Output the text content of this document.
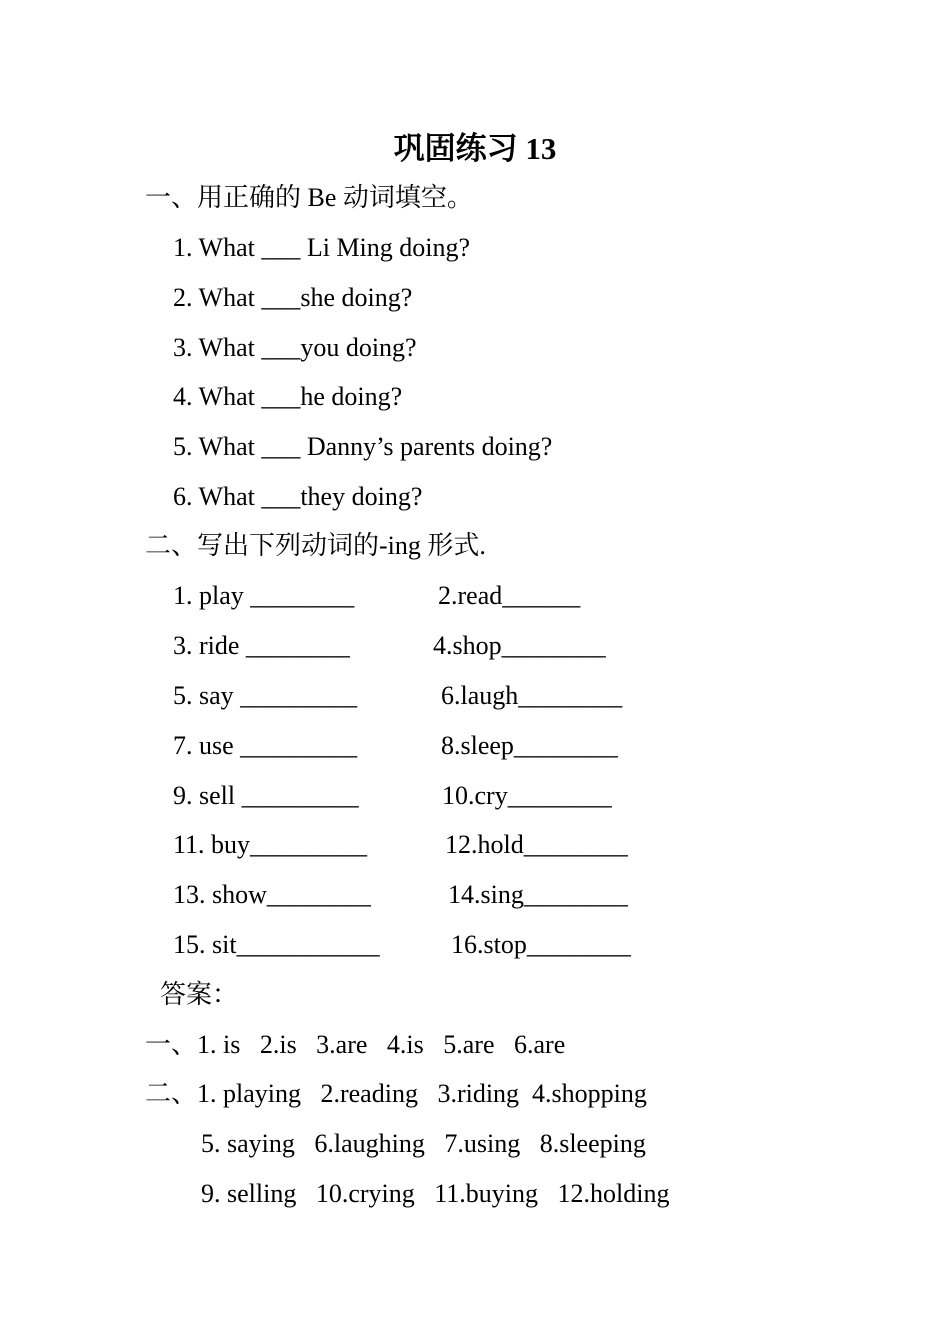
巩固练习 13
一、用正确的 Be 动词填空。
1. What ___ Li Ming doing?
2. What ___she doing?
3. What ___you doing?
4. What ___he doing?
5. What ___ Danny’s parents doing?
6. What ___they doing?
二、写出下列动词的-ing 形式.
1. play ________	2.read______
3. ride ________	4.shop________
5. say _________	6.laugh________
7. use _________	8.sleep________
9. sell _________	10.cry________
11. buy_________	12.hold________
13. show________	14.sing________
15. sit___________	16.stop________
答案：
一、1. is   2.is   3.are   4.is   5.are   6.are
二、1. playing   2.reading   3.riding  4.shopping
5. saying   6.laughing   7.using   8.sleeping
9. selling   10.crying   11.buying   12.holding
